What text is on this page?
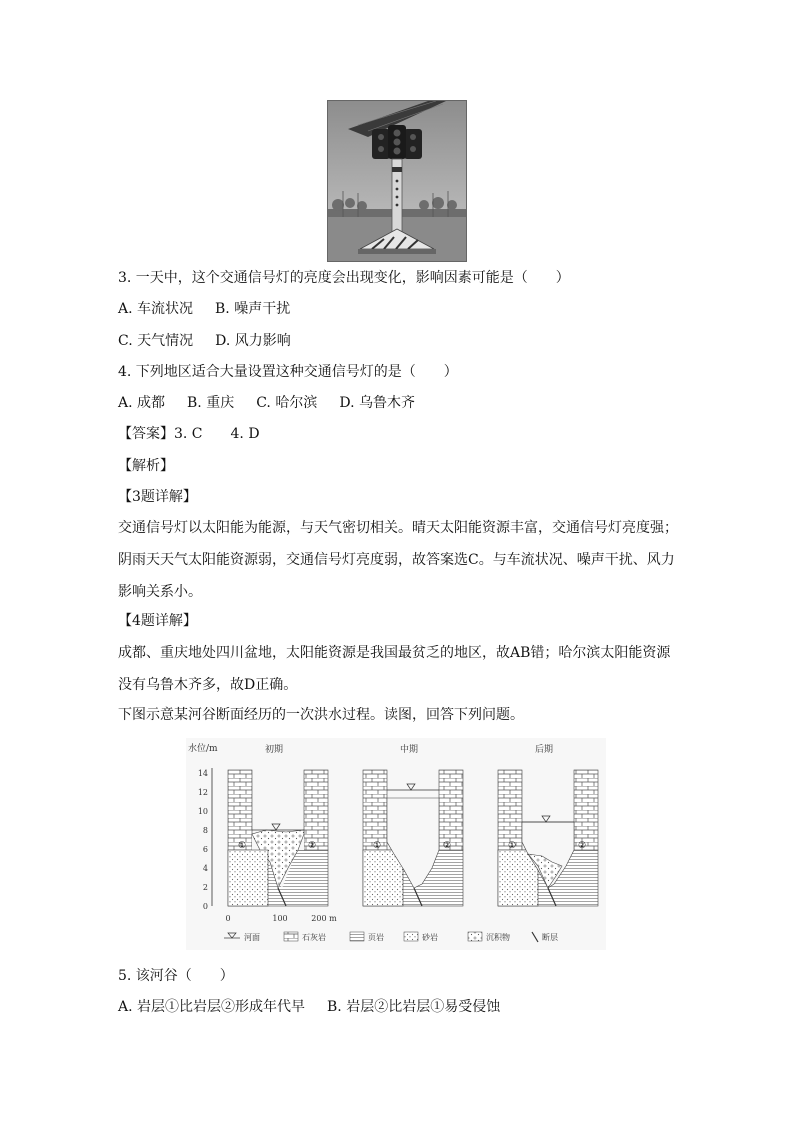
3. 一天中，这个交通信号灯的亮度会出现变化，影响因素可能是（　　）
A. 车流状况 B. 噪声干扰
C. 天气情况 D. 风力影响
4. 下列地区适合大量设置这种交通信号灯的是（　　）
A. 成都 B. 重庆 C. 哈尔滨 D. 乌鲁木齐
【答案】3. C　　4. D
【解析】
【3题详解】
交通信号灯以太阳能为能源，与天气密切相关。晴天太阳能资源丰富，交通信号灯亮度强；阴雨天天气太阳能资源弱，交通信号灯亮度弱，故答案选C。与车流状况、噪声干扰、风力影响关系小。
【4题详解】
成都、重庆地处四川盆地，太阳能资源是我国最贫乏的地区，故AB错；哈尔滨太阳能资源没有乌鲁木齐多，故D正确。
下图示意某河谷断面经历的一次洪水过程。读图，回答下列问题。
水位/m
14
12
10
8
6
4
2
0
0	100	200 m
初期	中期	后期
①	②	①	②	①	②
河面	石灰岩	页岩	砂岩	沉积物	断层
5. 该河谷（　　）
A. 岩层①比岩层②形成年代早 B. 岩层②比岩层①易受侵蚀
